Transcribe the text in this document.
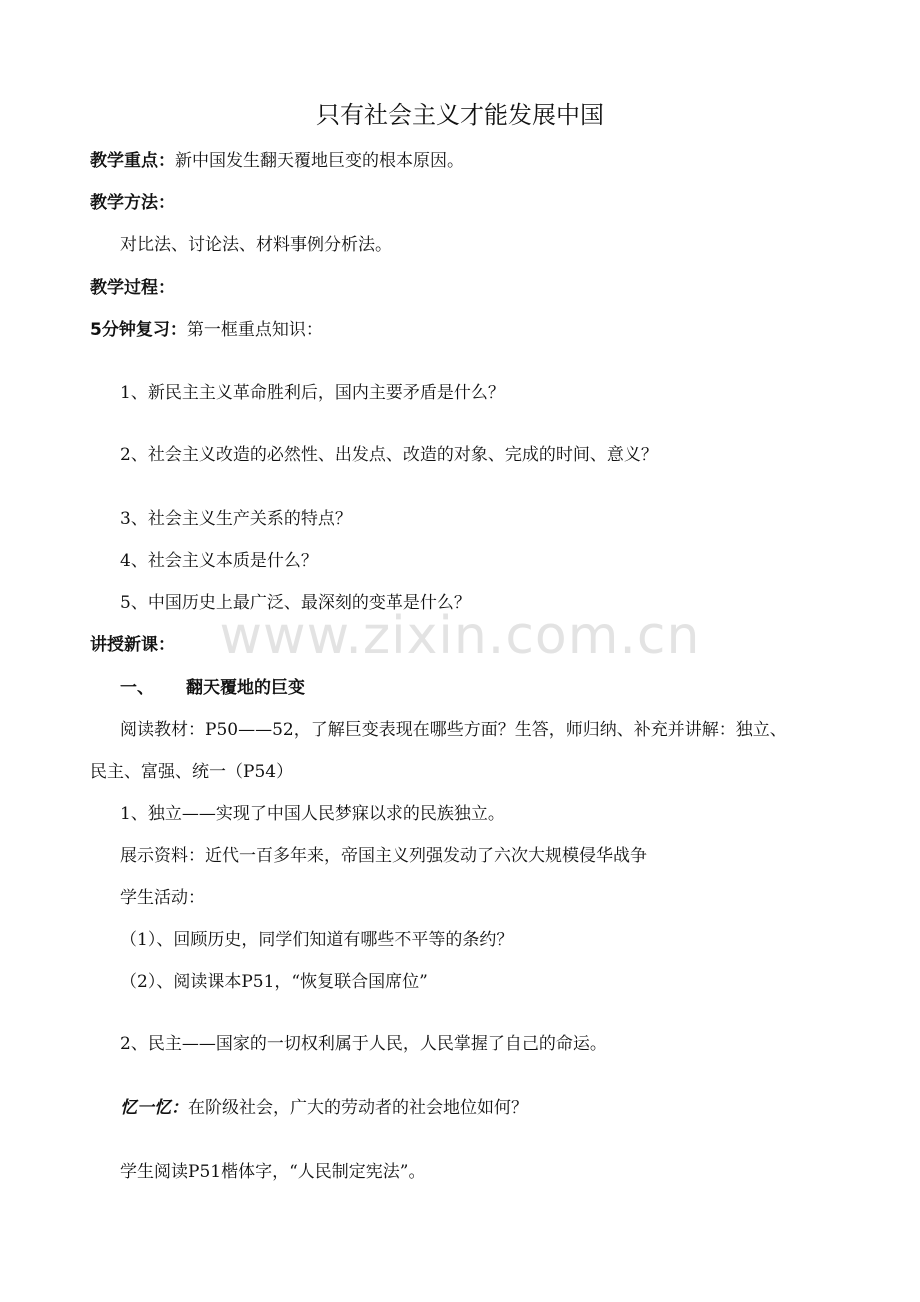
www.zixin.com.cn
只有社会主义才能发展中国
教学重点：新中国发生翻天覆地巨变的根本原因。
教学方法：
对比法、讨论法、材料事例分析法。
教学过程：
5分钟复习：第一框重点知识：
1、新民主主义革命胜利后，国内主要矛盾是什么？
2、社会主义改造的必然性、出发点、改造的对象、完成的时间、意义？
3、社会主义生产关系的特点？
4、社会主义本质是什么？
5、中国历史上最广泛、最深刻的变革是什么？
讲授新课：
一、 翻天覆地的巨变
阅读教材：P50——52，了解巨变表现在哪些方面？生答，师归纳、补充并讲解：独立、
民主、富强、统一（P54）
1、独立——实现了中国人民梦寐以求的民族独立。
展示资料：近代一百多年来，帝国主义列强发动了六次大规模侵华战争
学生活动：
（1）、回顾历史，同学们知道有哪些不平等的条约？
（2）、阅读课本P51，“恢复联合国席位”
2、民主——国家的一切权利属于人民，人民掌握了自己的命运。
忆一忆：在阶级社会，广大的劳动者的社会地位如何？
学生阅读P51楷体字，“人民制定宪法”。
